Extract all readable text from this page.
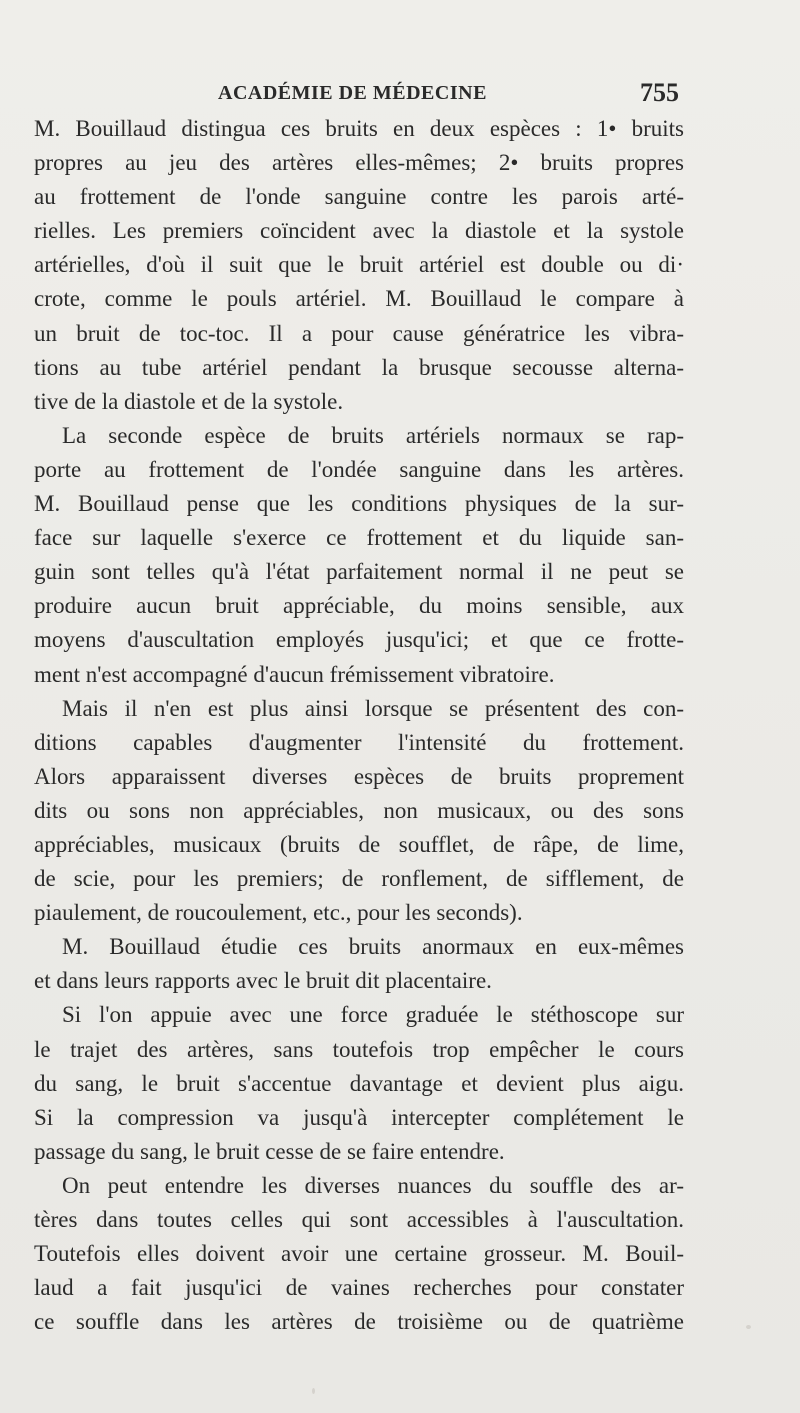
ACADÉMIE DE MÉDECINE	755
M. Bouillaud distingua ces bruits en deux espèces : 1• bruits
propres au jeu des artères elles-mêmes; 2• bruits propres
au frottement de l'onde sanguine contre les parois arté-
rielles. Les premiers coïncident avec la diastole et la systole
artérielles, d'où il suit que le bruit artériel est double ou di·
crote, comme le pouls artériel. M. Bouillaud le compare à
un bruit de toc-toc. Il a pour cause génératrice les vibra-
tions au tube artériel pendant la brusque secousse alterna-
tive de la diastole et de la systole.
La seconde espèce de bruits artériels normaux se rap-
porte au frottement de l'ondée sanguine dans les artères.
M. Bouillaud pense que les conditions physiques de la sur-
face sur laquelle s'exerce ce frottement et du liquide san-
guin sont telles qu'à l'état parfaitement normal il ne peut se
produire aucun bruit appréciable, du moins sensible, aux
moyens d'auscultation employés jusqu'ici; et que ce frotte-
ment n'est accompagné d'aucun frémissement vibratoire.
Mais il n'en est plus ainsi lorsque se présentent des con-
ditions capables d'augmenter l'intensité du frottement.
Alors apparaissent diverses espèces de bruits proprement
dits ou sons non appréciables, non musicaux, ou des sons
appréciables, musicaux (bruits de soufflet, de râpe, de lime,
de scie, pour les premiers; de ronflement, de sifflement, de
piaulement, de roucoulement, etc., pour les seconds).
M. Bouillaud étudie ces bruits anormaux en eux-mêmes
et dans leurs rapports avec le bruit dit placentaire.
Si l'on appuie avec une force graduée le stéthoscope sur
le trajet des artères, sans toutefois trop empêcher le cours
du sang, le bruit s'accentue davantage et devient plus aigu.
Si la compression va jusqu'à intercepter complétement le
passage du sang, le bruit cesse de se faire entendre.
On peut entendre les diverses nuances du souffle des ar-
tères dans toutes celles qui sont accessibles à l'auscultation.
Toutefois elles doivent avoir une certaine grosseur. M. Bouil-
laud a fait jusqu'ici de vaines recherches pour constater
ce souffle dans les artères de troisième ou de quatrième
